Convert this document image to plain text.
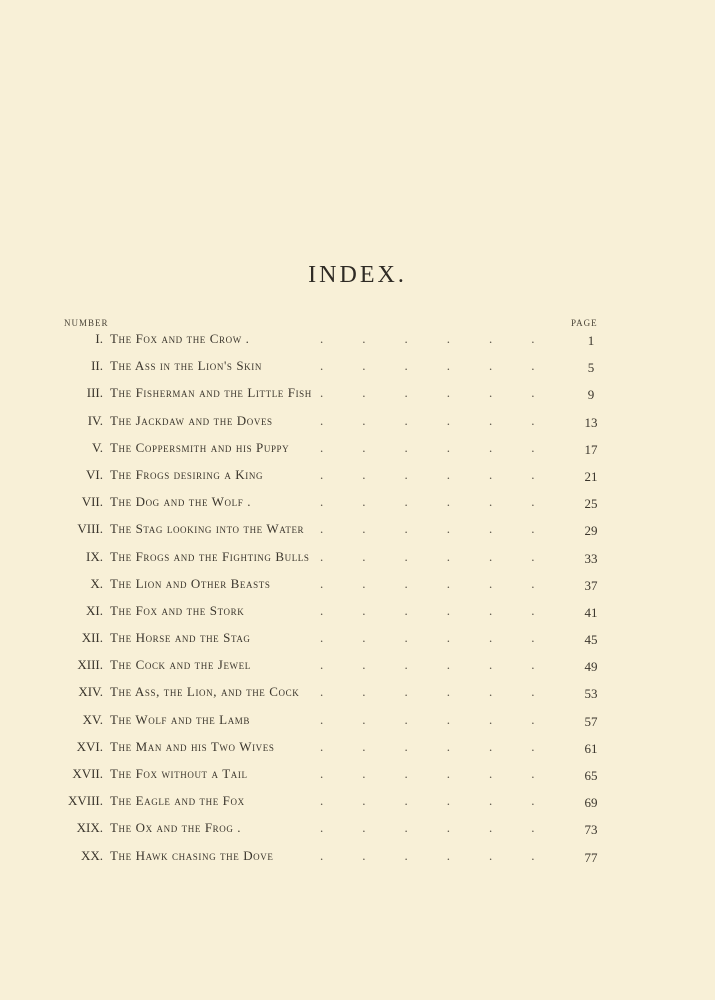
INDEX.
NUMBER	PAGE
I. The Fox and the Crow .	.   .   .   .   .   .	1
II. The Ass in the Lion's Skin	.   .   .   .   .   .	5
III. The Fisherman and the Little Fish .   .   .   .   .   .	9
IV. The Jackdaw and the Doves	.   .   .   .   .   .	13
V. The Coppersmith and his Puppy .   .   .   .   .   .	17
VI. The Frogs desiring a King	.   .   .   .   .   .	21
VII. The Dog and the Wolf .	.   .   .   .   .   .	25
VIII. The Stag looking into the Water .   .   .   .   .   .	29
IX. The Frogs and the Fighting Bulls .   .   .   .   .   .	33
X. The Lion and Other Beasts	.   .   .   .   .   .	37
XI. The Fox and the Stork	.   .   .   .   .   .	41
XII. The Horse and the Stag	.   .   .   .   .   .	45
XIII. The Cock and the Jewel	.   .   .   .   .   .	49
XIV. The Ass, the Lion, and the Cock .   .   .   .   .   .	53
XV. The Wolf and the Lamb	.   .   .   .   .   .	57
XVI. The Man and his Two Wives	.   .   .   .   .   .	61
XVII. The Fox without a Tail	.   .   .   .   .   .	65
XVIII. The Eagle and the Fox	.   .   .   .   .   .	69
XIX. The Ox and the Frog .	.   .   .   .   .   .	73
XX. The Hawk chasing the Dove	.   .   .   .   .   .	77
